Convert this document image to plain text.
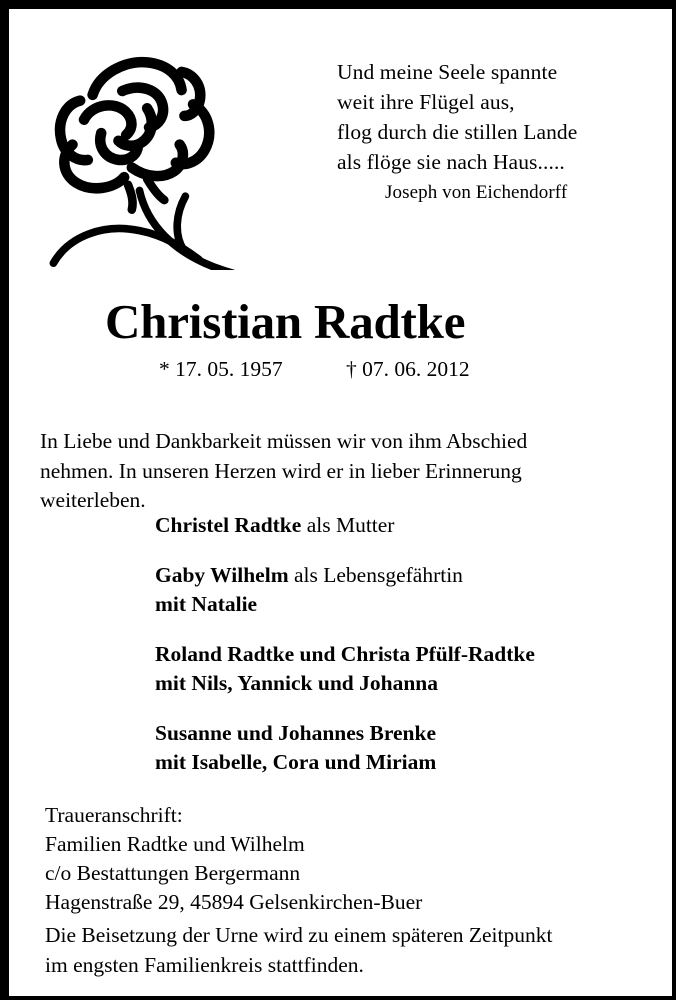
Und meine Seele spannte
weit ihre Flügel aus,
flog durch die stillen Lande
als flöge sie nach Haus.....
Joseph von Eichendorff
Christian Radtke
* 17. 05. 1957	† 07. 06. 2012
In Liebe und Dankbarkeit müssen wir von ihm Abschied
nehmen. In unseren Herzen wird er in lieber Erinnerung
weiterleben.
Christel Radtke als Mutter
Gaby Wilhelm als Lebensgefährtin
mit Natalie
Roland Radtke und Christa Pfülf-Radtke
mit Nils, Yannick und Johanna
Susanne und Johannes Brenke
mit Isabelle, Cora und Miriam
Traueranschrift:
Familien Radtke und Wilhelm
c/o Bestattungen Bergermann
Hagenstraße 29, 45894 Gelsenkirchen-Buer
Die Beisetzung der Urne wird zu einem späteren Zeitpunkt
im engsten Familienkreis stattfinden.
